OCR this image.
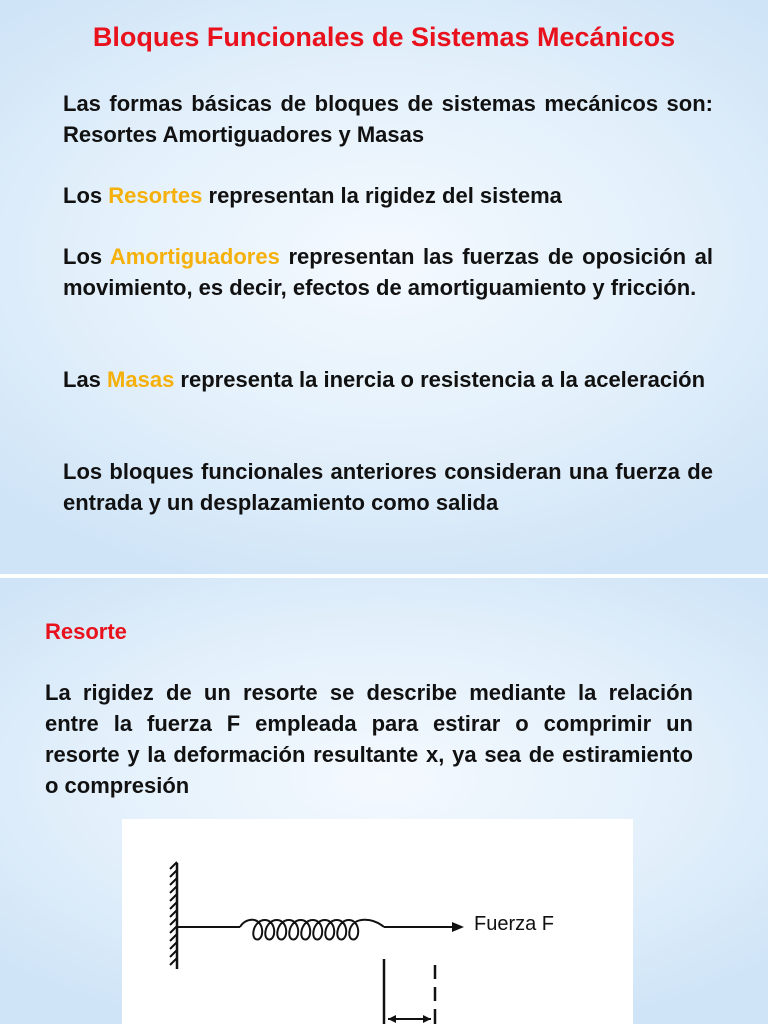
Bloques Funcionales de Sistemas Mecánicos
Las formas básicas de bloques de sistemas mecánicos son: Resortes Amortiguadores y Masas
Los Resortes representan la rigidez del sistema
Los Amortiguadores representan las fuerzas de oposición al movimiento, es decir, efectos de amortiguamiento y fricción.
Las Masas representa la inercia o resistencia a la aceleración
Los bloques funcionales anteriores consideran una fuerza de entrada y un desplazamiento como salida
Resorte
La rigidez de un resorte se describe mediante la relación entre la fuerza F empleada para estirar o comprimir un resorte y la deformación resultante x, ya sea de estiramiento o compresión
Fuerza F
